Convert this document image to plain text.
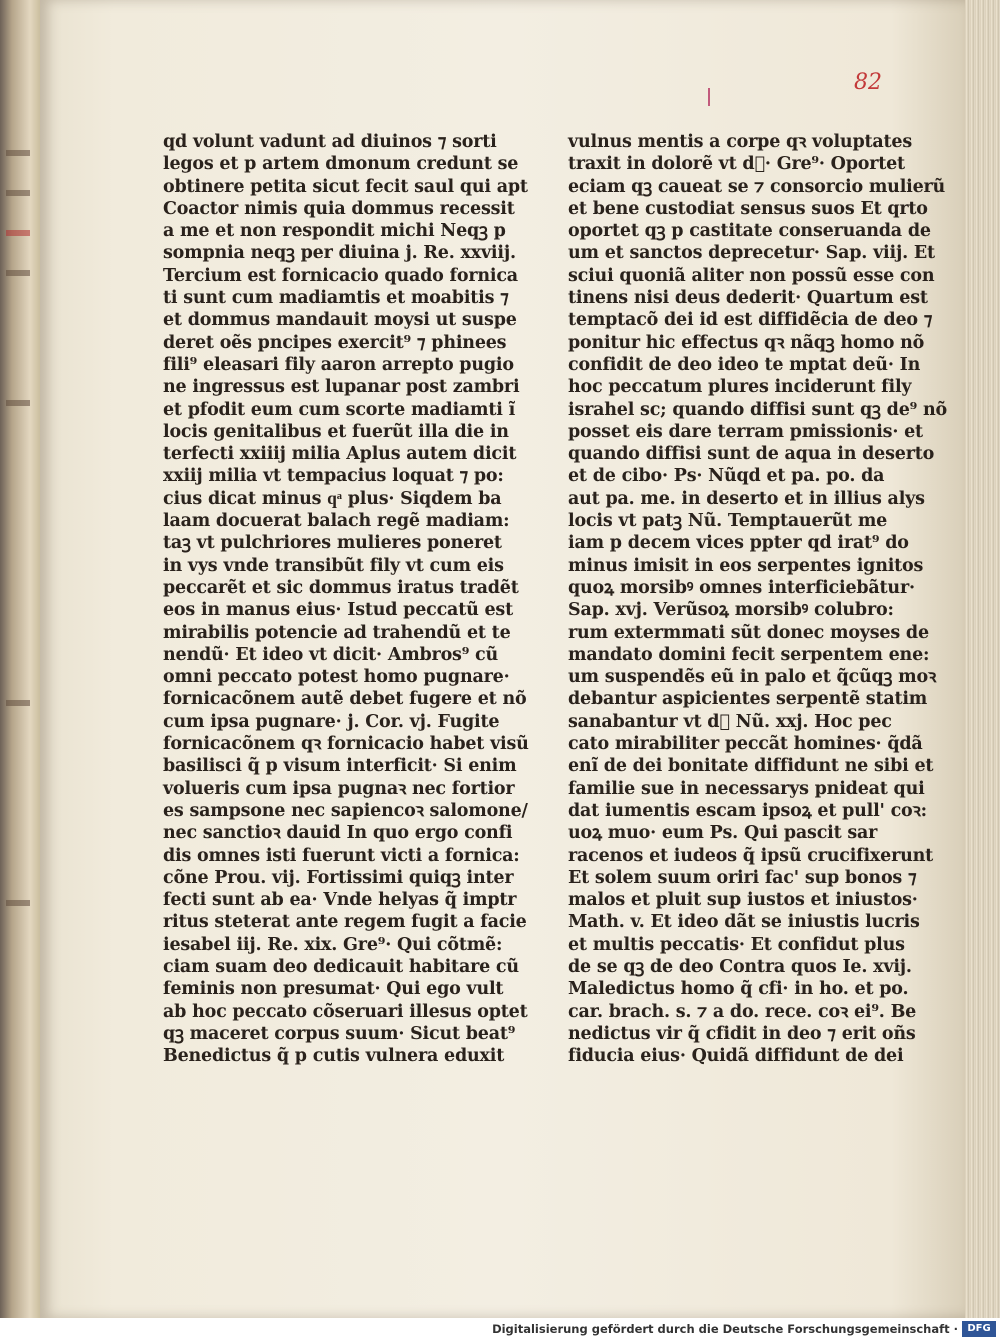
82
qd volunt vadunt ad diuinos ⁊ sorti
legos et p artem dmonum credunt se
obtinere petita sicut fecit saul qui apt
Coactor nimis quia dommus recessit
a me et non respondit michi Neqꝫ p
sompnia neqꝫ per diuina j. Re. xxviij.
Tercium est fornicacio quado fornica
ti sunt cum madiamtis et moabitis ⁊
et dommus mandauit moysi ut suspe
deret oẽs pncipes exercit⁹ ⁊ phinees
fili⁹ eleasari fily aaron arrepto pugio
ne ingressus est lupanar post zambri
et pfodit eum cum scorte madiamti ĩ
locis genitalibus et fuerũt illa die in
terfecti xxiiij milia Aplus autem dicit
xxiij milia vt tempacius loquat ⁊ po:
cius dicat minus qͣ plus· Siqdem ba
laam docuerat balach regẽ madiam:
taꝫ vt pulchriores mulieres poneret
in vys vnde transibũt fily vt cum eis
peccarẽt et sic dommus iratus tradẽt
eos in manus eius· Istud peccatũ est
mirabilis potencie ad trahendũ et te
nendũ· Et ideo vt dicit· Ambros⁹ cũ
omni peccato potest homo pugnare·
fornicacõnem autẽ debet fugere et nõ
cum ipsa pugnare· j. Cor. vj. Fugite
fornicacõnem qꝛ fornicacio habet visũ
basilisci q̃ p visum interficit· Si enim
volueris cum ipsa pugnaꝛ nec fortior
es sampsone nec sapiencoꝛ salomone/
nec sanctioꝛ dauid In quo ergo confi
dis omnes isti fuerunt victi a fornica:
cõne Prou. vij. Fortissimi quiqꝫ inter
fecti sunt ab ea· Vnde helyas q̃ imptr
ritus steterat ante regem fugit a facie
iesabel iij. Re. xix. Gre⁹· Qui cõtmẽ:
ciam suam deo dedicauit habitare cũ
feminis non presumat· Qui ego vult
ab hoc peccato cõseruari illesus optet
qꝫ maceret corpus suum· Sicut beat⁹
Benedictus q̃ p cutis vulnera eduxit
vulnus mentis a corpe qꝛ voluptates
traxit in dolorẽ vt d᷑· Gre⁹· Oportet
eciam qꝫ caueat se ⁊ consorcio mulierũ
et bene custodiat sensus suos Et qrto
oportet qꝫ p castitate conseruanda de
um et sanctos deprecetur· Sap. viij. Et
sciui quoniã aliter non possũ esse con
tinens nisi deus dederit· Quartum est
temptacõ dei id est diffidẽcia de deo ⁊
ponitur hic effectus qꝛ nãqꝫ homo nõ
confidit de deo ideo te mptat deũ· In
hoc peccatum plures inciderunt fily
israhel sc; quando diffisi sunt qꝫ de⁹ nõ
posset eis dare terram pmissionis· et
quando diffisi sunt de aqua in deserto
et de cibo· Ps· Nũqd et pa. po. da
aut pa. me. in deserto et in illius alys
locis vt patꝫ Nũ. Temptauerũt me
iam p decem vices ppter qd irat⁹ do
minus imisit in eos serpentes ignitos
quoꝝ morsibꝰ omnes interficiebãtur·
Sap. xvj. Verũsoꝝ morsibꝰ colubro:
rum extermmati sũt donec moyses de
mandato domini fecit serpentem ene:
um suspendẽs eũ in palo et q̃cũqꝫ moꝛ
debantur aspicientes serpentẽ statim
sanabantur vt d᷑ Nũ. xxj. Hoc pec
cato mirabiliter peccãt homines· q̃dã
enĩ de dei bonitate diffidunt ne sibi et
familie sue in necessarys pnideat qui
dat iumentis escam ipsoꝝ et pull' coꝛ:
uoꝝ muo· eum Ps. Qui pascit sar
racenos et iudeos q̃ ipsũ crucifixerunt
Et solem suum oriri fac' sup bonos ⁊
malos et pluit sup iustos et iniustos·
Math. v. Et ideo dãt se iniustis lucris
et multis peccatis· Et confidut plus
de se qꝫ de deo Contra quos Ie. xvij.
Maledictus homo q̃ cfi· in ho. et po.
car. brach. s. ⁊ a do. rece. coꝛ ei⁹. Be
nedictus vir q̃ cfidit in deo ⁊ erit oñs
fiducia eius· Quidã diffidunt de dei
Digitalisierung gefördert durch die Deutsche Forschungsgemeinschaft · DFG
